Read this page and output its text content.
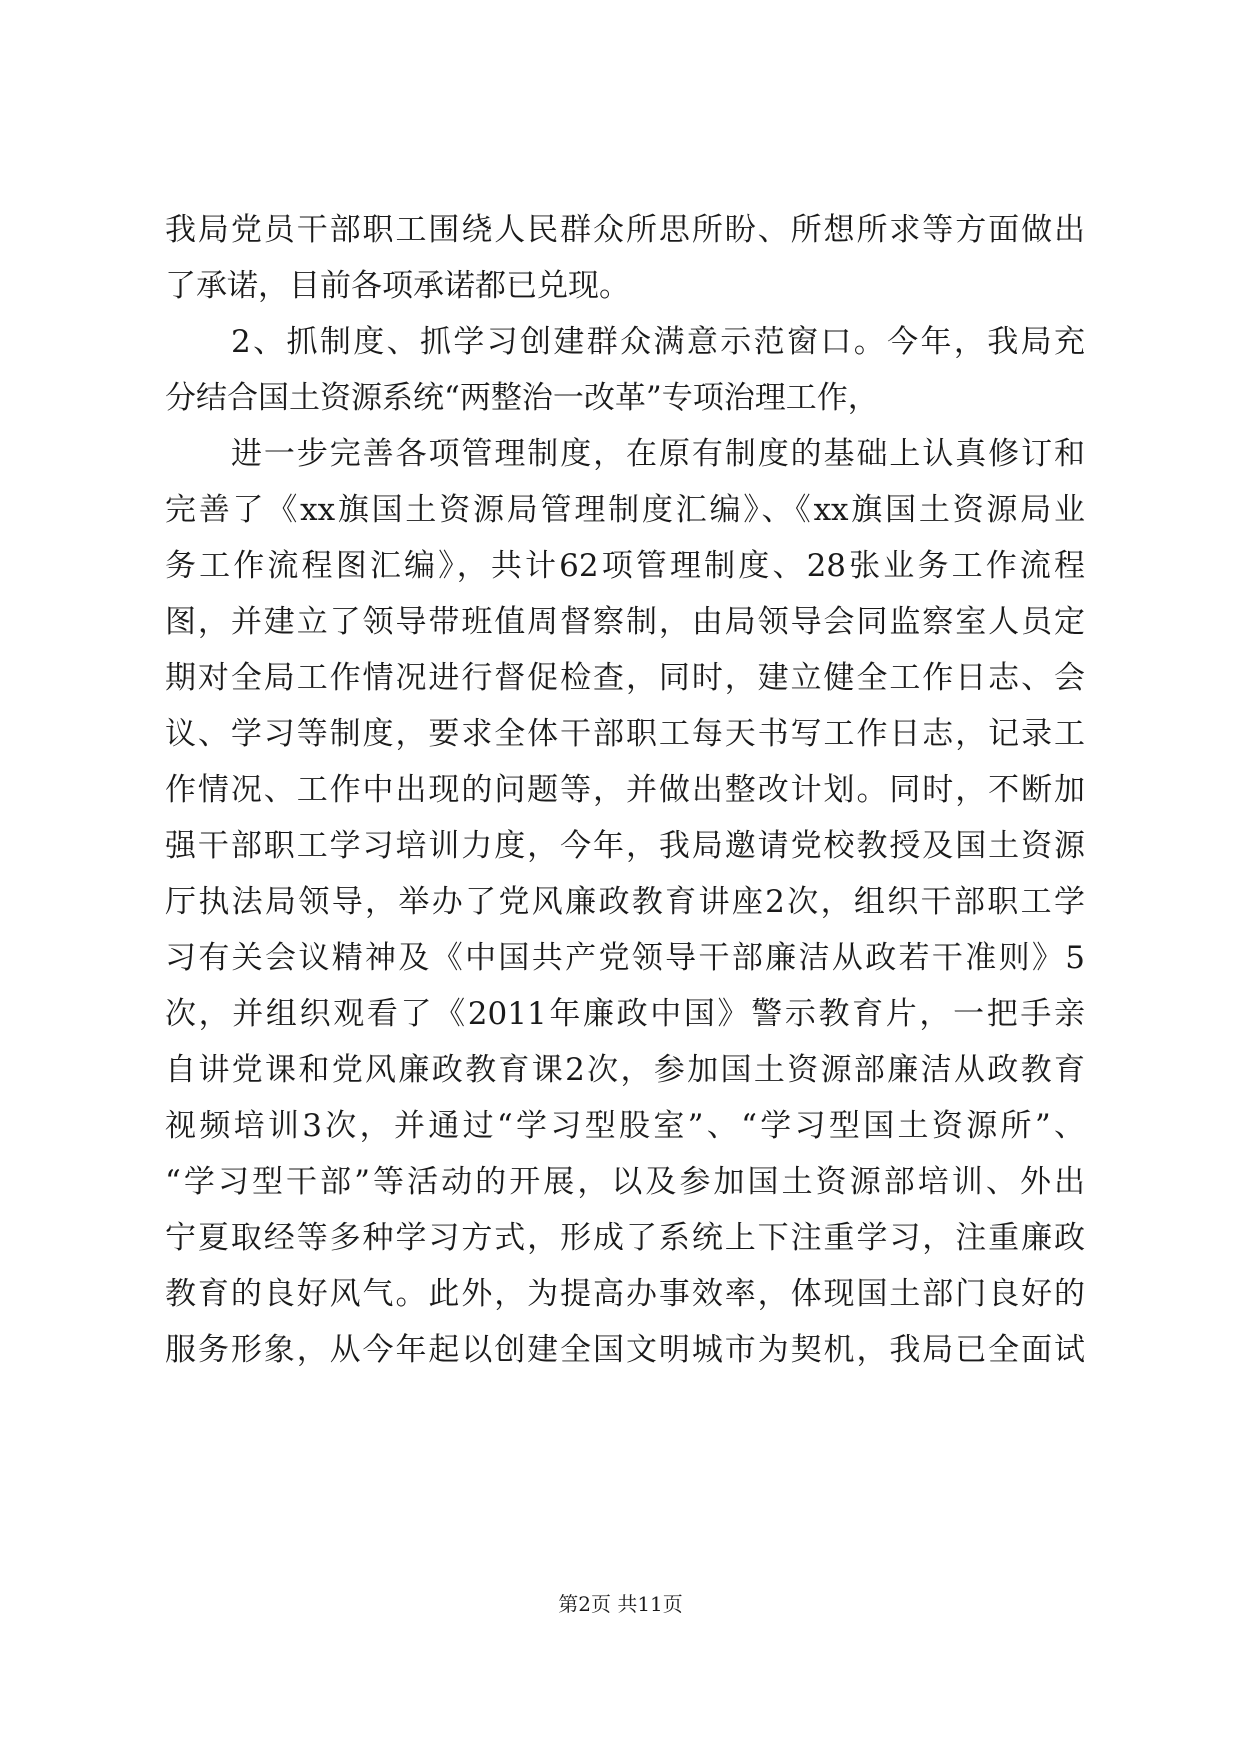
我局党员干部职工围绕人民群众所思所盼、所想所求等方面做出
了承诺，目前各项承诺都已兑现。
2、抓制度、抓学习创建群众满意示范窗口。今年，我局充
分结合国土资源系统“两整治一改革”专项治理工作，
进一步完善各项管理制度，在原有制度的基础上认真修订和
完善了《xx旗国土资源局管理制度汇编》、《xx旗国土资源局业
务工作流程图汇编》，共计62项管理制度、28张业务工作流程
图，并建立了领导带班值周督察制，由局领导会同监察室人员定
期对全局工作情况进行督促检查，同时，建立健全工作日志、会
议、学习等制度，要求全体干部职工每天书写工作日志，记录工
作情况、工作中出现的问题等，并做出整改计划。同时，不断加
强干部职工学习培训力度，今年，我局邀请党校教授及国土资源
厅执法局领导，举办了党风廉政教育讲座2次，组织干部职工学
习有关会议精神及《中国共产党领导干部廉洁从政若干准则》5
次，并组织观看了《2011年廉政中国》警示教育片，一把手亲
自讲党课和党风廉政教育课2次，参加国土资源部廉洁从政教育
视频培训3次，并通过“学习型股室”、“学习型国土资源所”、
“学习型干部”等活动的开展，以及参加国土资源部培训、外出
宁夏取经等多种学习方式，形成了系统上下注重学习，注重廉政
教育的良好风气。此外，为提高办事效率，体现国土部门良好的
服务形象，从今年起以创建全国文明城市为契机，我局已全面试
第2页 共11页
